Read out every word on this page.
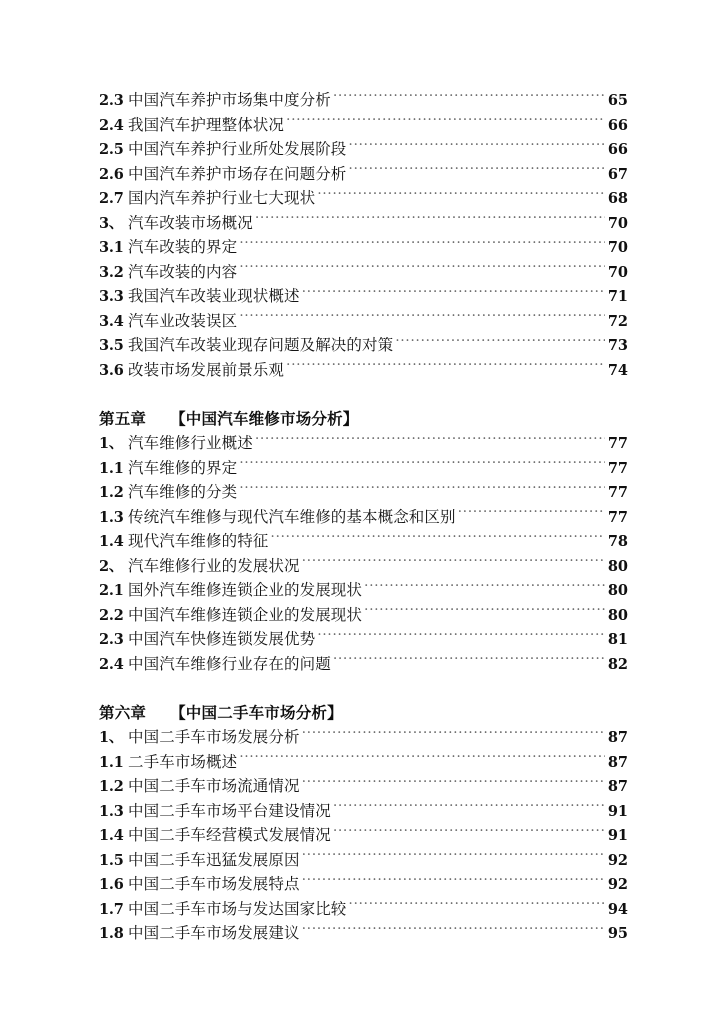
2.3 中国汽车养护市场集中度分析 .....	65
2.4 我国汽车护理整体状况 .....	66
2.5 中国汽车养护行业所处发展阶段 .....	66
2.6 中国汽车养护市场存在问题分析 .....	67
2.7 国内汽车养护行业七大现状 .....	68
3、 汽车改装市场概况 .....	70
3.1 汽车改装的界定 .....	70
3.2 汽车改装的内容 .....	70
3.3 我国汽车改装业现状概述 .....	71
3.4 汽车业改装误区 .....	72
3.5 我国汽车改装业现存问题及解决的对策 .....	73
3.6 改装市场发展前景乐观 .....	74
第五章 【中国汽车维修市场分析】
1、 汽车维修行业概述 .....	77
1.1 汽车维修的界定 .....	77
1.2 汽车维修的分类 .....	77
1.3 传统汽车维修与现代汽车维修的基本概念和区别 .....	77
1.4 现代汽车维修的特征 .....	78
2、 汽车维修行业的发展状况 .....	80
2.1 国外汽车维修连锁企业的发展现状 .....	80
2.2 中国汽车维修连锁企业的发展现状 .....	80
2.3 中国汽车快修连锁发展优势 .....	81
2.4 中国汽车维修行业存在的问题 .....	82
第六章 【中国二手车市场分析】
1、 中国二手车市场发展分析 .....	87
1.1 二手车市场概述 .....	87
1.2 中国二手车市场流通情况 .....	87
1.3 中国二手车市场平台建设情况 .....	91
1.4 中国二手车经营模式发展情况 .....	91
1.5 中国二手车迅猛发展原因 .....	92
1.6 中国二手车市场发展特点 .....	92
1.7 中国二手车市场与发达国家比较 .....	94
1.8 中国二手车市场发展建议 .....	95
